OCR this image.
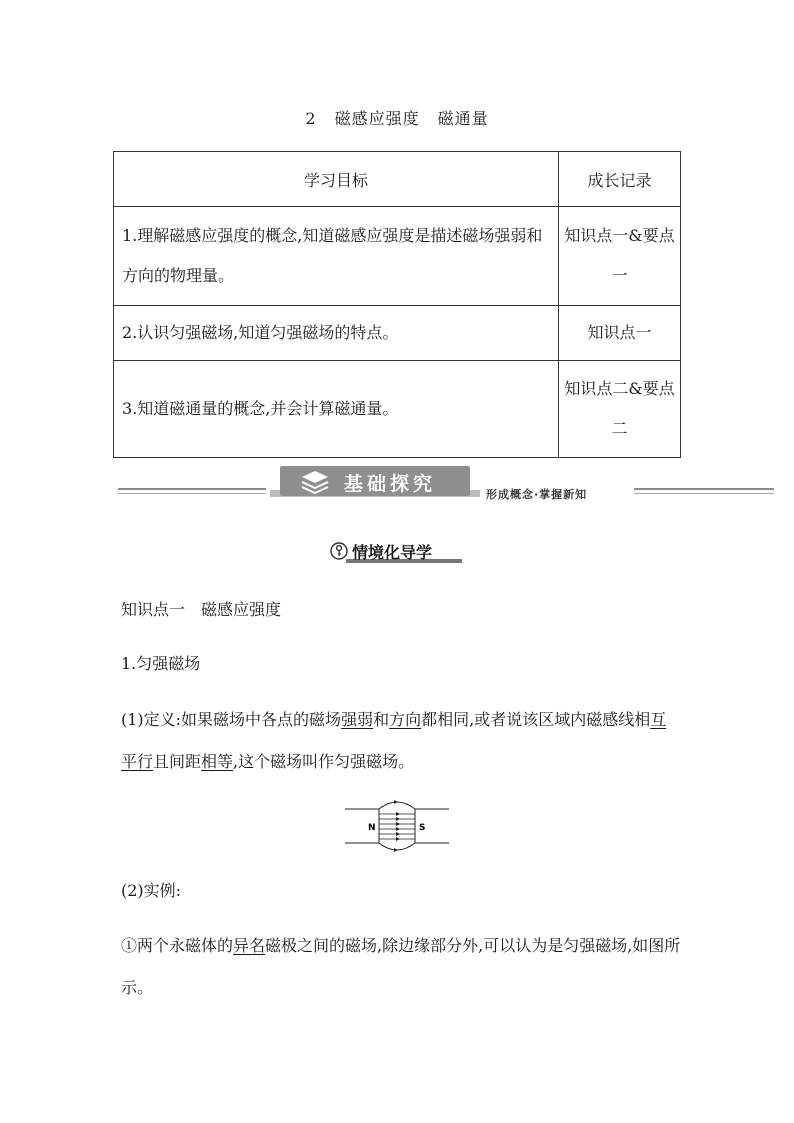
2 磁感应强度 磁通量
学习目标	成长记录
1.理解磁感应强度的概念,知道磁感应强度是描述磁场强弱和方向的物理量。	知识点一&要点一
2.认识匀强磁场,知道匀强磁场的特点。	知识点一
3.知道磁通量的概念,并会计算磁通量。	知识点二&要点二
基础探究	形成概念·掌握新知
情境化导学

知识点一　磁感应强度

1.匀强磁场

(1)定义:如果磁场中各点的磁场强弱和方向都相同,或者说该区域内磁感线相互平行且间距相等,这个磁场叫作匀强磁场。

N	S

(2)实例:

①两个永磁体的异名磁极之间的磁场,除边缘部分外,可以认为是匀强磁场,如图所示。
